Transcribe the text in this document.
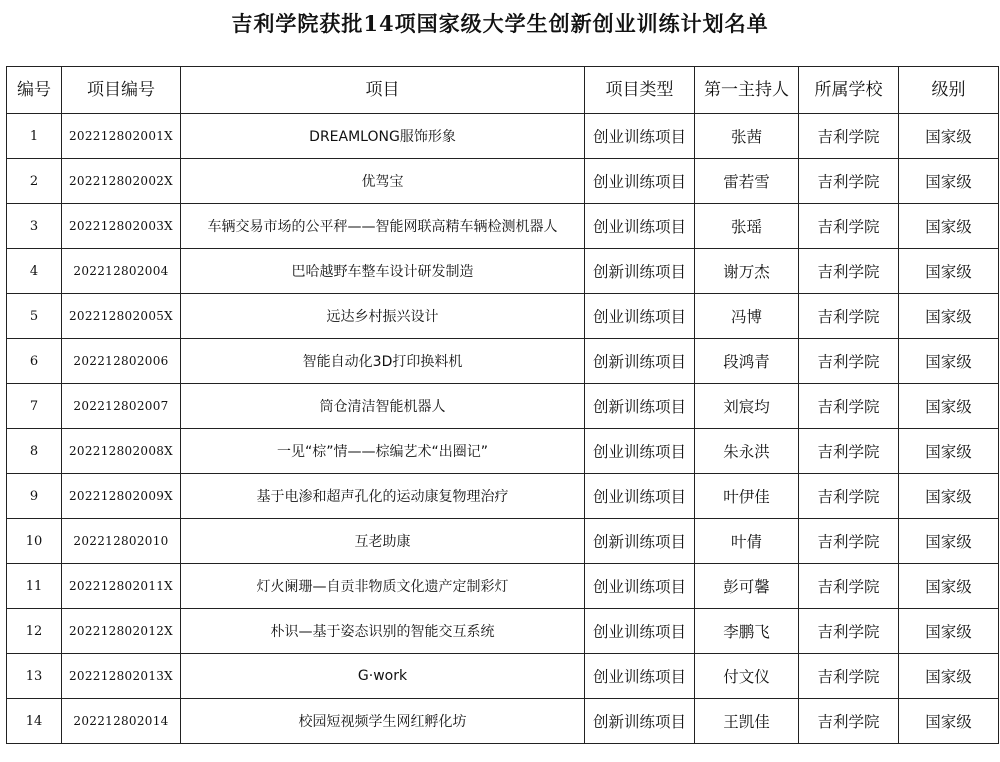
吉利学院获批14项国家级大学生创新创业训练计划名单
编号	项目编号	项目	项目类型	第一主持人	所属学校	级别
1	202212802001X	DREAMLONG服饰形象	创业训练项目	张茜	吉利学院	国家级
2	202212802002X	优驾宝	创业训练项目	雷若雪	吉利学院	国家级
3	202212802003X	车辆交易市场的公平秤——智能网联高精车辆检测机器人	创业训练项目	张瑶	吉利学院	国家级
4	202212802004	巴哈越野车整车设计研发制造	创新训练项目	谢万杰	吉利学院	国家级
5	202212802005X	远达乡村振兴设计	创业训练项目	冯博	吉利学院	国家级
6	202212802006	智能自动化3D打印换料机	创新训练项目	段鸿青	吉利学院	国家级
7	202212802007	筒仓清洁智能机器人	创新训练项目	刘宸均	吉利学院	国家级
8	202212802008X	一见“棕”情——棕编艺术“出圈记”	创业训练项目	朱永洪	吉利学院	国家级
9	202212802009X	基于电渗和超声孔化的运动康复物理治疗	创业训练项目	叶伊佳	吉利学院	国家级
10	202212802010	互老助康	创新训练项目	叶倩	吉利学院	国家级
11	202212802011X	灯火阑珊—自贡非物质文化遗产定制彩灯	创业训练项目	彭可馨	吉利学院	国家级
12	202212802012X	朴识—基于姿态识别的智能交互系统	创业训练项目	李鹏飞	吉利学院	国家级
13	202212802013X	G·work	创业训练项目	付文仪	吉利学院	国家级
14	202212802014	校园短视频学生网红孵化坊	创新训练项目	王凯佳	吉利学院	国家级
